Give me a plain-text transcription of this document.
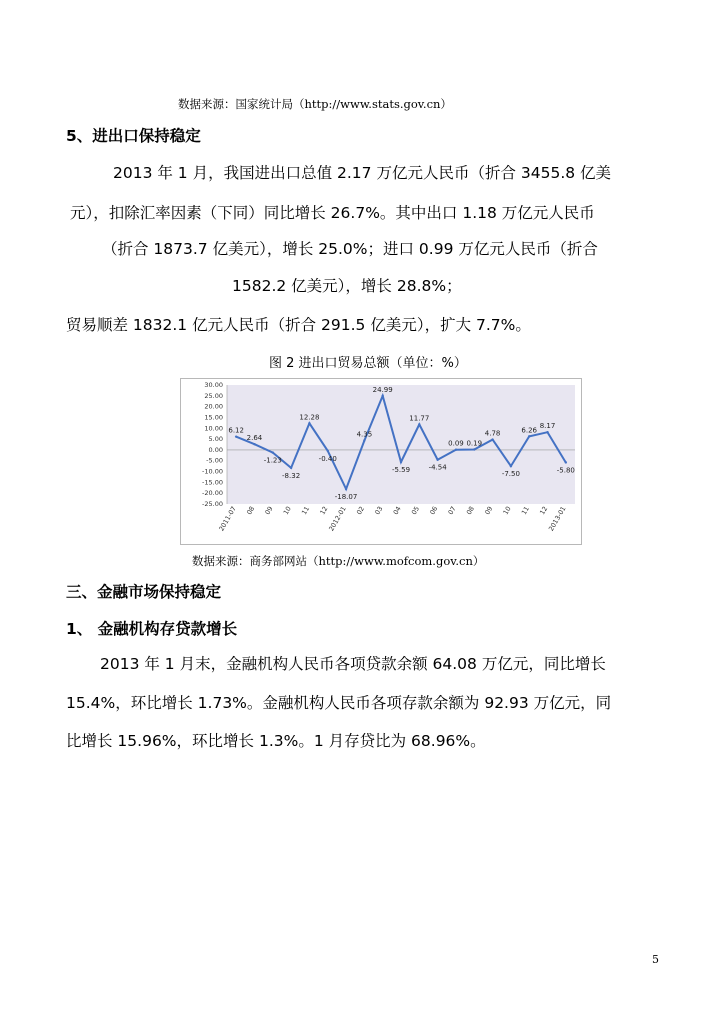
数据来源：国家统计局（http://www.stats.gov.cn）
5、进出口保持稳定
2013 年 1 月，我国进出口总值 2.17 万亿元人民币（折合 3455.8 亿美
元），扣除汇率因素（下同）同比增长 26.7%。其中出口 1.18 万亿元人民币
（折合 1873.7 亿美元），增长 25.0%；进口 0.99 万亿元人民币（折合
1582.2 亿美元），增长 28.8%；
贸易顺差 1832.1 亿元人民币（折合 291.5 亿美元），扩大 7.7%。
图 2 进出口贸易总额（单位：%）
30.00
25.00
20.00
15.00
10.00
5.00
0.00
-5.00
-10.00
-15.00
-20.00
-25.00
2011-07 08 09 10 11 12
2012-01 02 03 04 05 06 07 08 09 10 11 12
2013-01
6.12
2.64
-1.23
-8.32
12.28
-0.40
-18.07
4.35
24.99
-5.59
11.77
-4.54
0.09 0.19
4.78
-7.50
6.26
8.17
-5.80
数据来源：商务部网站（http://www.mofcom.gov.cn）
三、金融市场保持稳定
1、 金融机构存贷款增长
2013 年 1 月末，金融机构人民币各项贷款余额 64.08 万亿元，同比增长
15.4%，环比增长 1.73%。金融机构人民币各项存款余额为 92.93 万亿元，同
比增长 15.96%，环比增长 1.3%。1 月存贷比为 68.96%。
5
